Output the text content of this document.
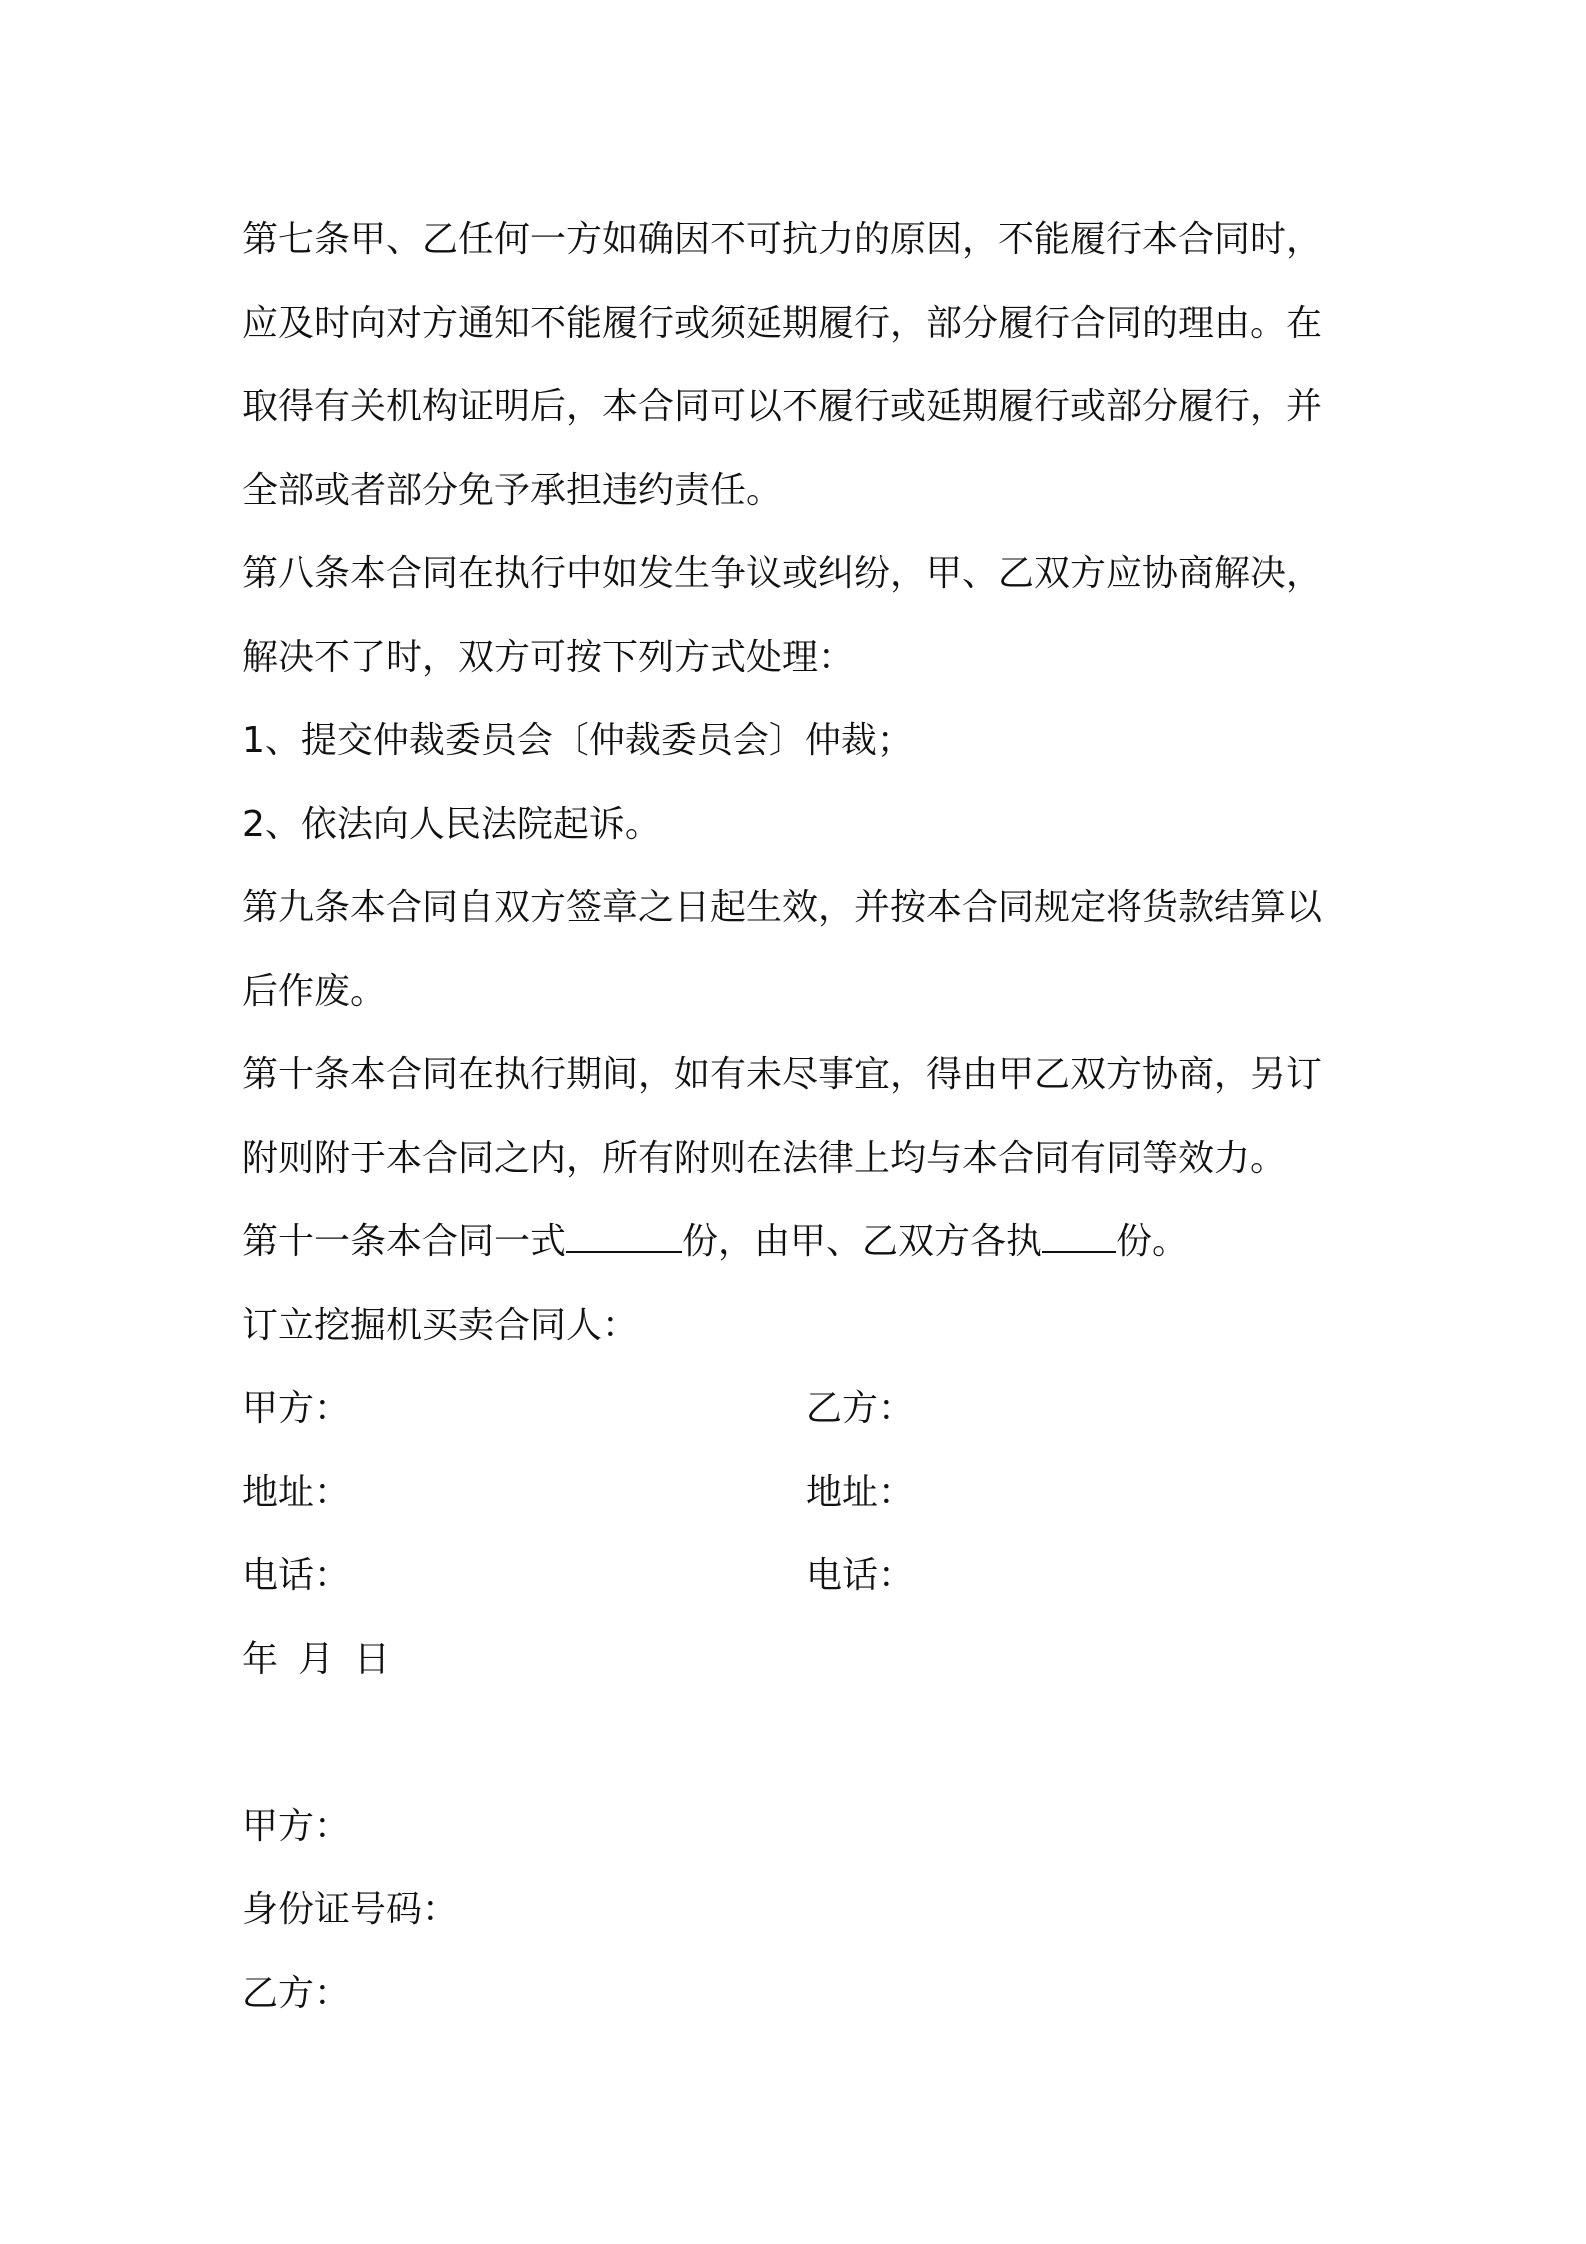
第七条甲、乙任何一方如确因不可抗力的原因，不能履行本合同时，
应及时向对方通知不能履行或须延期履行，部分履行合同的理由。在
取得有关机构证明后，本合同可以不履行或延期履行或部分履行，并
全部或者部分免予承担违约责任。
第八条本合同在执行中如发生争议或纠纷，甲、乙双方应协商解决，
解决不了时，双方可按下列方式处理：
1、提交仲裁委员会〔仲裁委员会〕仲裁；
2、依法向人民法院起诉。
第九条本合同自双方签章之日起生效，并按本合同规定将货款结算以
后作废。
第十条本合同在执行期间，如有未尽事宜，得由甲乙双方协商，另订
附则附于本合同之内，所有附则在法律上均与本合同有同等效力。
第十一条本合同一式	份，由甲、乙双方各执 份。
订立挖掘机买卖合同人：
甲方：	乙方：
地址：	地址：
电话：	电话：
年 月 日
甲方：
身份证号码：
乙方：
